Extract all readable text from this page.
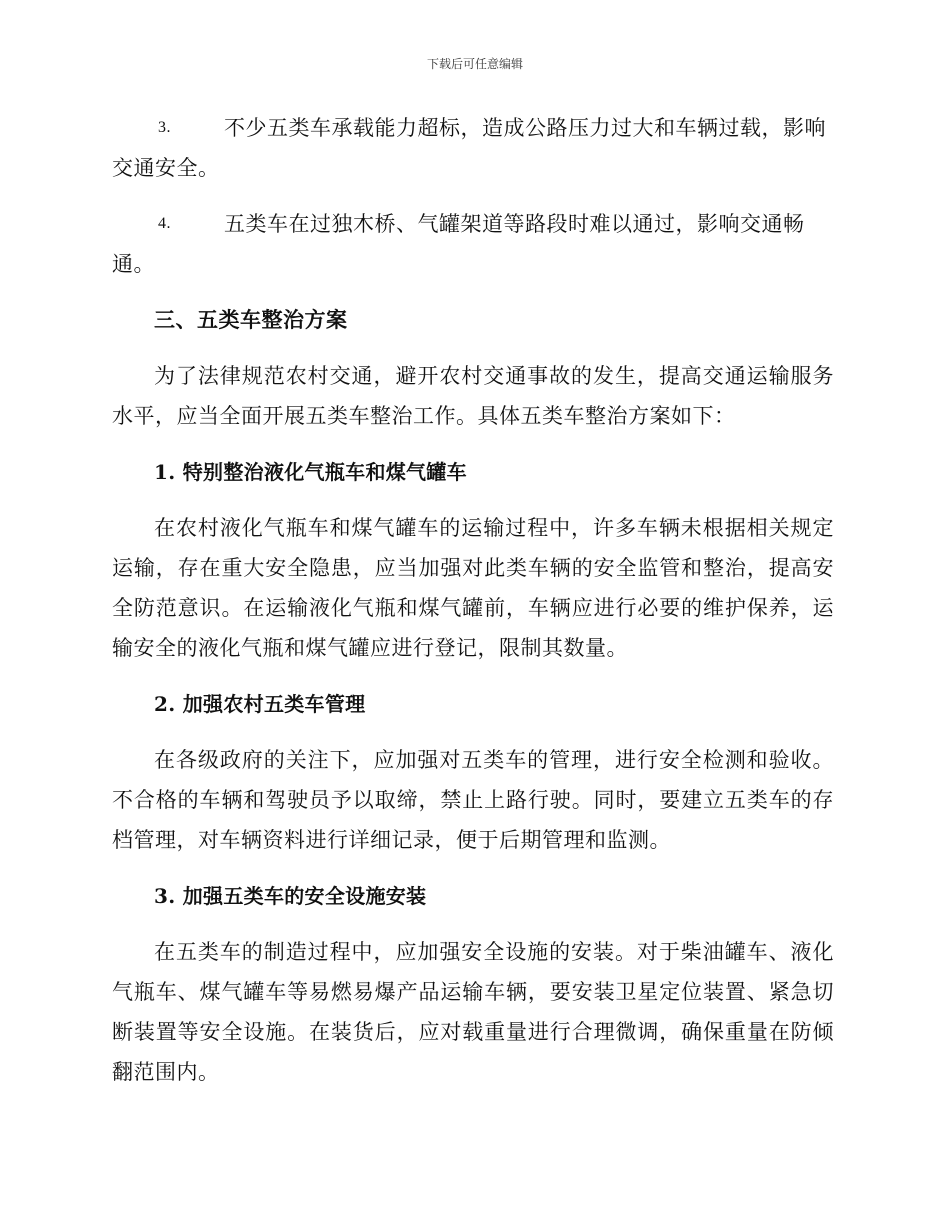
下载后可任意编辑
3.	不少五类车承载能力超标，造成公路压力过大和车辆过载，影响交通安全。
4.	五类车在过独木桥、气罐架道等路段时难以通过，影响交通畅通。
三、五类车整治方案
为了法律规范农村交通，避开农村交通事故的发生，提高交通运输服务水平，应当全面开展五类车整治工作。具体五类车整治方案如下：
1. 特别整治液化气瓶车和煤气罐车
在农村液化气瓶车和煤气罐车的运输过程中，许多车辆未根据相关规定运输，存在重大安全隐患，应当加强对此类车辆的安全监管和整治，提高安全防范意识。在运输液化气瓶和煤气罐前，车辆应进行必要的维护保养，运输安全的液化气瓶和煤气罐应进行登记，限制其数量。
2. 加强农村五类车管理
在各级政府的关注下，应加强对五类车的管理，进行安全检测和验收。不合格的车辆和驾驶员予以取缔，禁止上路行驶。同时，要建立五类车的存档管理，对车辆资料进行详细记录，便于后期管理和监测。
3. 加强五类车的安全设施安装
在五类车的制造过程中，应加强安全设施的安装。对于柴油罐车、液化气瓶车、煤气罐车等易燃易爆产品运输车辆，要安装卫星定位装置、紧急切断装置等安全设施。在装货后，应对载重量进行合理微调，确保重量在防倾翻范围内。
